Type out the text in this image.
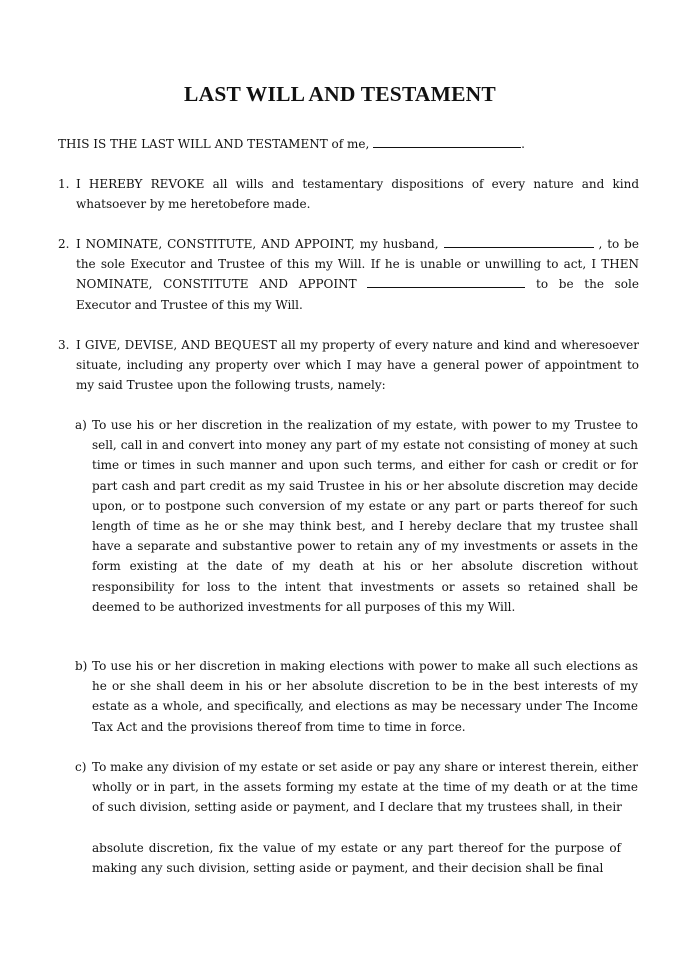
LAST WILL AND TESTAMENT
THIS IS THE LAST WILL AND TESTAMENT of me,	.
1. I HEREBY REVOKE all wills and testamentary dispositions of every nature and kind whatsoever by me heretobefore made.
2. I NOMINATE, CONSTITUTE, AND APPOINT, my husband,	, to be the sole Executor and Trustee of this my Will. If he is unable or unwilling to act, I THEN NOMINATE, CONSTITUTE AND APPOINT	to be the sole Executor and Trustee of this my Will.
3. I GIVE, DEVISE, AND BEQUEST all my property of every nature and kind and wheresoever situate, including any property over which I may have a general power of appointment to my said Trustee upon the following trusts, namely:
a) To use his or her discretion in the realization of my estate, with power to my Trustee to sell, call in and convert into money any part of my estate not consisting of money at such time or times in such manner and upon such terms, and either for cash or credit or for part cash and part credit as my said Trustee in his or her absolute discretion may decide upon, or to postpone such conversion of my estate or any part or parts thereof for such length of time as he or she may think best, and I hereby declare that my trustee shall have a separate and substantive power to retain any of my investments or assets in the form existing at the date of my death at his or her absolute discretion without responsibility for loss to the intent that investments or assets so retained shall be deemed to be authorized investments for all purposes of this my Will.
b) To use his or her discretion in making elections with power to make all such elections as he or she shall deem in his or her absolute discretion to be in the best interests of my estate as a whole, and specifically, and elections as may be necessary under The Income Tax Act and the provisions thereof from time to time in force.
c) To make any division of my estate or set aside or pay any share or interest therein, either wholly or in part, in the assets forming my estate at the time of my death or at the time of such division, setting aside or payment, and I declare that my trustees shall, in their
absolute discretion, fix the value of my estate or any part thereof for the purpose of making any such division, setting aside or payment, and their decision shall be final
